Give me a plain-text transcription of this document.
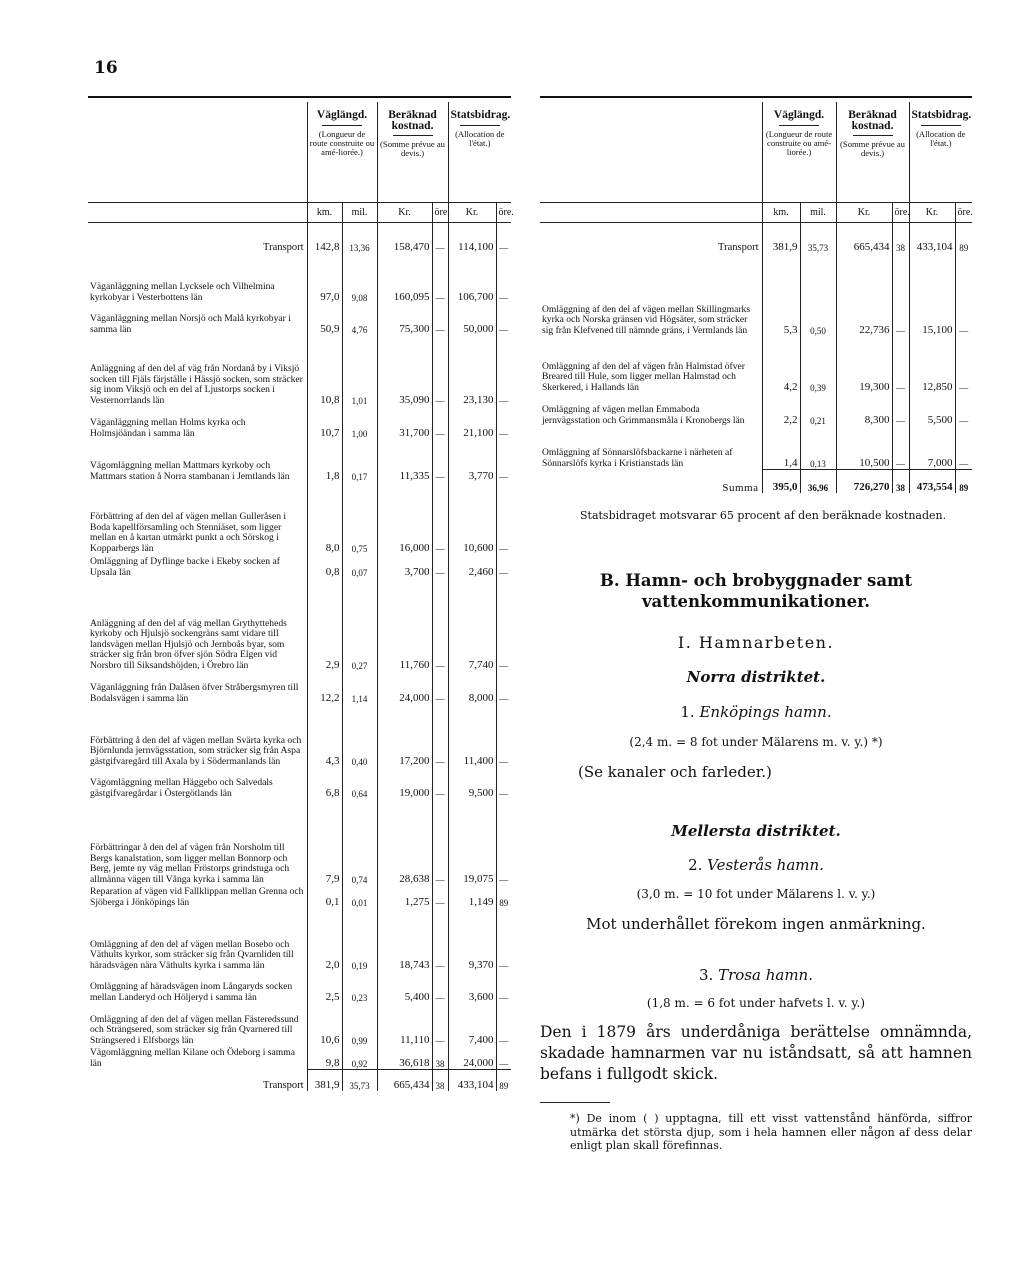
16

	Väglängd.
(Longueur de route construite ou amé-liorée.)		Beräknad kostnad.
(Somme prévue au devis.)		Statsbidrag.
(Allocation de l'état.)	

	km.	mil.	Kr.	öre.	Kr.	öre.
Transport	142,8	13,36	158,470	—	114,100	—
Väganläggning mellan Lycksele och Vilhelmina kyrkobyar i Vesterbottens län	97,0	9,08	160,095	—	106,700	—
Väganläggning mellan Norsjö och Malå kyrkobyar i samma län	50,9	4,76	75,300	—	50,000	—
Anläggning af den del af väg från Nordanå by i Viksjö socken till Fjäls färjställe i Hässjö socken, som sträcker sig inom Viksjö och en del af Ljustorps socken i Vesternorrlands län	10,8	1,01	35,090	—	23,130	—
Väganläggning mellan Holms kyrka och Holmsjöändan i samma län	10,7	1,00	31,700	—	21,100	—
Vägomläggning mellan Mattmars kyrkoby och Mattmars station å Norra stambanan i Jemtlands län	1,8	0,17	11,335	—	3,770	—
Förbättring af den del af vägen mellan Gulleråsen i Boda kapellförsamling och Stenniäset, som ligger mellan en å kartan utmärkt punkt a och Sörskog i Kopparbergs län	8,0	0,75	16,000	—	10,600	—
Omläggning af Dyflinge backe i Ekeby socken af Upsala län	0,8	0,07	3,700	—	2,460	—
Anläggning af den del af väg mellan Grythytteheds kyrkoby och Hjulsjö sockengräns samt vidare till landsvägen mellan Hjulsjö och Jernboås byar, som sträcker sig från bron öfver sjön Södra Elgen vid Norsbro till Siksandshöjden, i Örebro län	2,9	0,27	11,760	—	7,740	—
Väganläggning från Dalåsen öfver Stråbergsmyren till Bodalsvägen i samma län	12,2	1,14	24,000	—	8,000	—
Förbättring å den del af vägen mellan Svärta kyrka och Björnlunda jernvägsstation, som sträcker sig från Aspa gästgifvaregård till Axala by i Södermanlands län	4,3	0,40	17,200	—	11,400	—
Vägomläggning mellan Häggebo och Salvedals gästgifvaregårdar i Östergötlands län	6,8	0,64	19,000	—	9,500	—
Förbättringar å den del af vägen från Norsholm till Bergs kanalstation, som ligger mellan Bonnorp och Berg, jemte ny väg mellan Fröstorps grindstuga och allmänna vägen till Vånga kyrka i samma län	7,9	0,74	28,638	—	19,075	—
Reparation af vägen vid Fallklippan mellan Grenna och Sjöberga i Jönköpings län	0,1	0,01	1,275	—	1,149	89
Omläggning af den del af vägen mellan Bosebo och Väthults kyrkor, som sträcker sig från Qvarnliden till häradsvägen nära Väthults kyrka i samma län	2,0	0,19	18,743	—	9,370	—
Omläggning af häradsvägen inom Långaryds socken mellan Landeryd och Höljeryd i samma län	2,5	0,23	5,400	—	3,600	—
Omläggning af den del af vägen mellan Fästeredssund och Strängsered, som sträcker sig från Qvarnered till Strängsered i Elfsborgs län	10,6	0,99	11,110	—	7,400	—
Vägomläggning mellan Kilane och Ödeborg i samma län	9,8	0,92	36,618	38	24,000	—
Transport	381,9	35,73	665,434	38	433,104	89

	Väglängd.
(Longueur de route construite ou amé-liorée.)		Beräknad kostnad.
(Somme prévue au devis.)		Statsbidrag.
(Allocation de l'état.)	

	km.	mil.	Kr.	öre.	Kr.	öre.
Transport	381,9	35,73	665,434	38	433,104	89
Omläggning af den del af vägen mellan Skillingmarks kyrka och Norska gränsen vid Högsäter, som sträcker sig från Klefvened till nämnde gräns, i Vermlands län	5,3	0,50	22,736	—	15,100	—
Omläggning af den del af vägen från Halmstad öfver Breared till Hule, som ligger mellan Halmstad och Skerkered, i Hallands län	4,2	0,39	19,300	—	12,850	—
Omläggning af vägen mellan Emmaboda jernvägsstation och Grimmansmåla i Kronobergs län	2,2	0,21	8,300	—	5,500	—
Omläggning af Sönnarslöfsbackarne i närheten af Sönnarslöfs kyrka i Kristianstads län	1,4	0,13	10,500	—	7,000	—
Summa	395,0	36,96	726,270	38	473,554	89
Statsbidraget motsvarar 65 procent af den beräknade kostnaden.
B. Hamn- och brobyggnader samt vattenkommunikationer.
I. Hamnarbeten.
Norra distriktet.
1. Enköpings hamn.
(2,4 m. = 8 fot under Mälarens m. v. y.) *)
(Se kanaler och farleder.)
Mellersta distriktet.
2. Vesterås hamn.
(3,0 m. = 10 fot under Mälarens l. v. y.)
Mot underhållet förekom ingen anmärkning.
3. Trosa hamn.
(1,8 m. = 6 fot under hafvets l. v. y.)
Den i 1879 års underdåniga berättelse omnämnda, skadade hamnarmen var nu iståndsatt, så att hamnen befans i fullgodt skick.
*) De inom ( ) upptagna, till ett visst vattenstånd hänförda, siffror utmärka det största djup, som i hela hamnen eller någon af dess delar enligt plan skall förefinnas.
